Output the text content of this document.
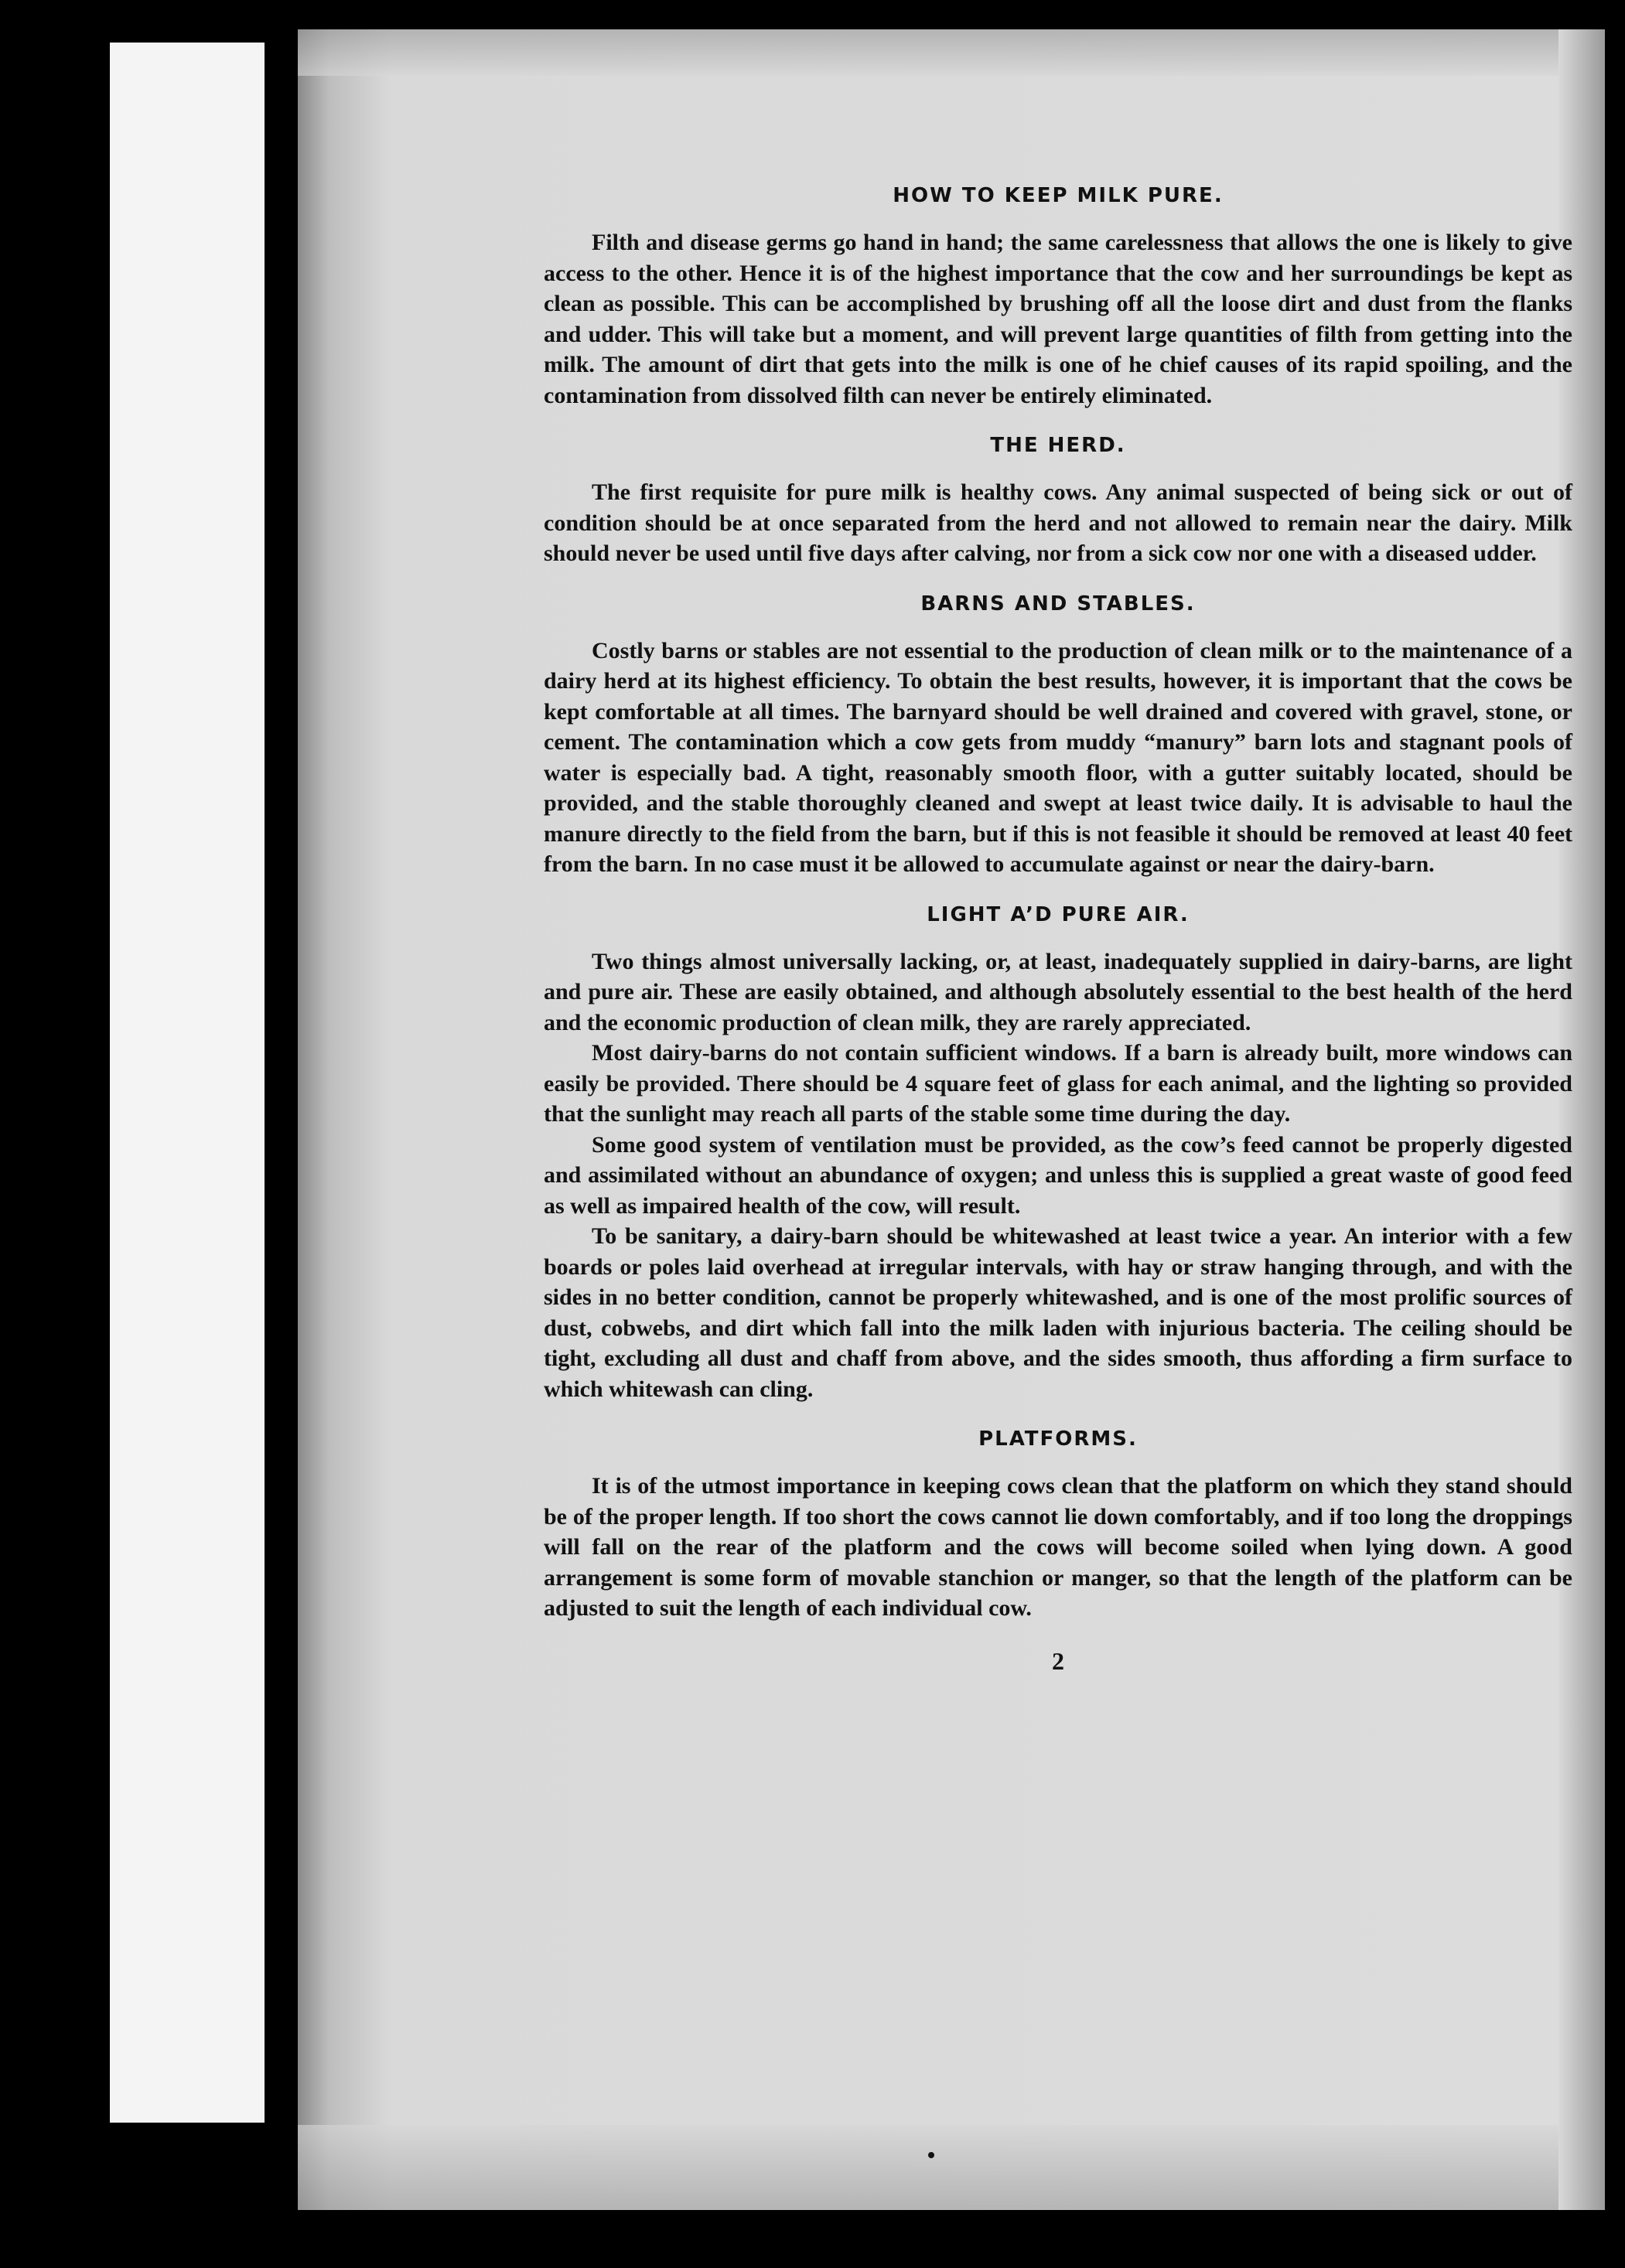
HOW TO KEEP MILK PURE.

Filth and disease germs go hand in hand; the same carelessness that allows the one is likely to give access to the other. Hence it is of the highest importance that the cow and her surroundings be kept as clean as possible. This can be accomplished by brushing off all the loose dirt and dust from the flanks and udder. This will take but a moment, and will prevent large quantities of filth from getting into the milk. The amount of dirt that gets into the milk is one of he chief causes of its rapid spoiling, and the contamination from dissolved filth can never be entirely eliminated.

THE HERD.

The first requisite for pure milk is healthy cows. Any animal suspected of being sick or out of condition should be at once separated from the herd and not allowed to remain near the dairy. Milk should never be used until five days after calving, nor from a sick cow nor one with a diseased udder.

BARNS AND STABLES.

Costly barns or stables are not essential to the production of clean milk or to the maintenance of a dairy herd at its highest efficiency. To obtain the best results, however, it is important that the cows be kept comfortable at all times. The barnyard should be well drained and covered with gravel, stone, or cement. The contamination which a cow gets from muddy “manury” barn lots and stagnant pools of water is especially bad. A tight, reasonably smooth floor, with a gutter suitably located, should be provided, and the stable thoroughly cleaned and swept at least twice daily. It is advisable to haul the manure directly to the field from the barn, but if this is not feasible it should be removed at least 40 feet from the barn. In no case must it be allowed to accumulate against or near the dairy-barn.

LIGHT A’D PURE AIR.

Two things almost universally lacking, or, at least, inadequately supplied in dairy-barns, are light and pure air. These are easily obtained, and although absolutely essential to the best health of the herd and the economic production of clean milk, they are rarely appreciated.

Most dairy-barns do not contain sufficient windows. If a barn is already built, more windows can easily be provided. There should be 4 square feet of glass for each animal, and the lighting so provided that the sunlight may reach all parts of the stable some time during the day.

Some good system of ventilation must be provided, as the cow’s feed cannot be properly digested and assimilated without an abundance of oxygen; and unless this is supplied a great waste of good feed as well as impaired health of the cow, will result.

To be sanitary, a dairy-barn should be whitewashed at least twice a year. An interior with a few boards or poles laid overhead at irregular intervals, with hay or straw hanging through, and with the sides in no better condition, cannot be properly whitewashed, and is one of the most prolific sources of dust, cobwebs, and dirt which fall into the milk laden with injurious bacteria. The ceiling should be tight, excluding all dust and chaff from above, and the sides smooth, thus affording a firm surface to which whitewash can cling.

PLATFORMS.

It is of the utmost importance in keeping cows clean that the platform on which they stand should be of the proper length. If too short the cows cannot lie down comfortably, and if too long the droppings will fall on the rear of the platform and the cows will become soiled when lying down. A good arrangement is some form of movable stanchion or manger, so that the length of the platform can be adjusted to suit the length of each individual cow.

2
